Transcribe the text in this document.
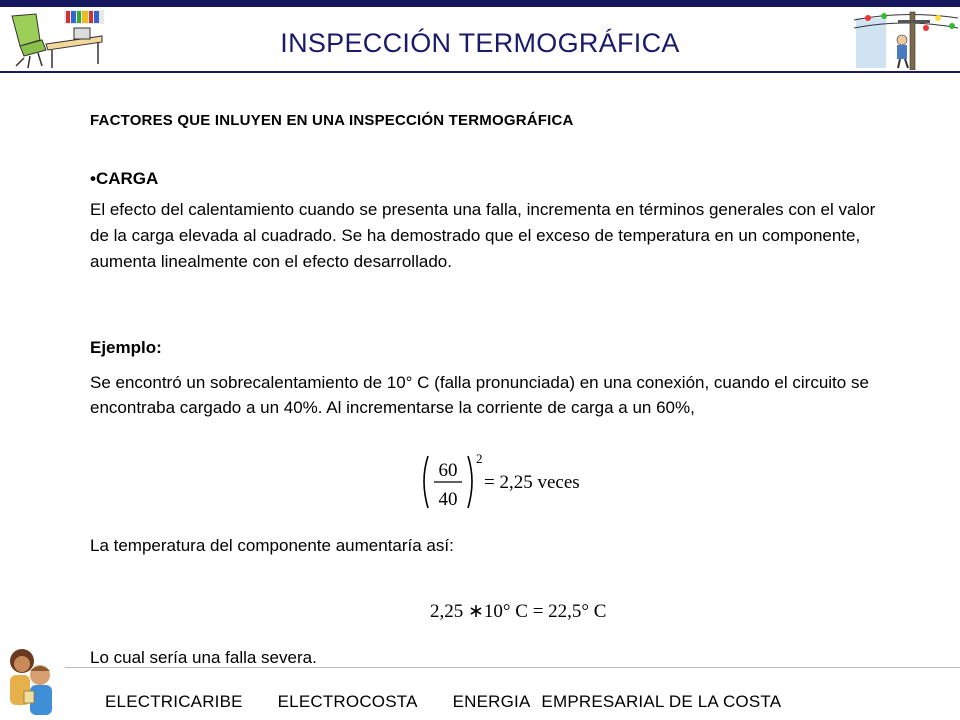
INSPECCIÓN TERMOGRÁFICA
FACTORES QUE INLUYEN EN UNA INSPECCIÓN TERMOGRÁFICA
•CARGA
El efecto del calentamiento cuando se presenta una falla, incrementa en términos generales con el valor de la carga elevada al cuadrado. Se ha demostrado que el exceso de temperatura en un componente, aumenta linealmente con el efecto desarrollado.
Ejemplo:
Se encontró un sobrecalentamiento de 10° C (falla pronunciada) en una conexión, cuando el circuito se encontraba cargado a un 40%. Al incrementarse la corriente de carga a un 60%,
60
40
2
= 2,25 veces
La temperatura del componente aumentaría así:
2,25 ∗10° C = 22,5° C
Lo cual sería una falla severa.
ELECTRICARIBE ELECTROCOSTA ENERGIA EMPRESARIAL DE LA COSTA
